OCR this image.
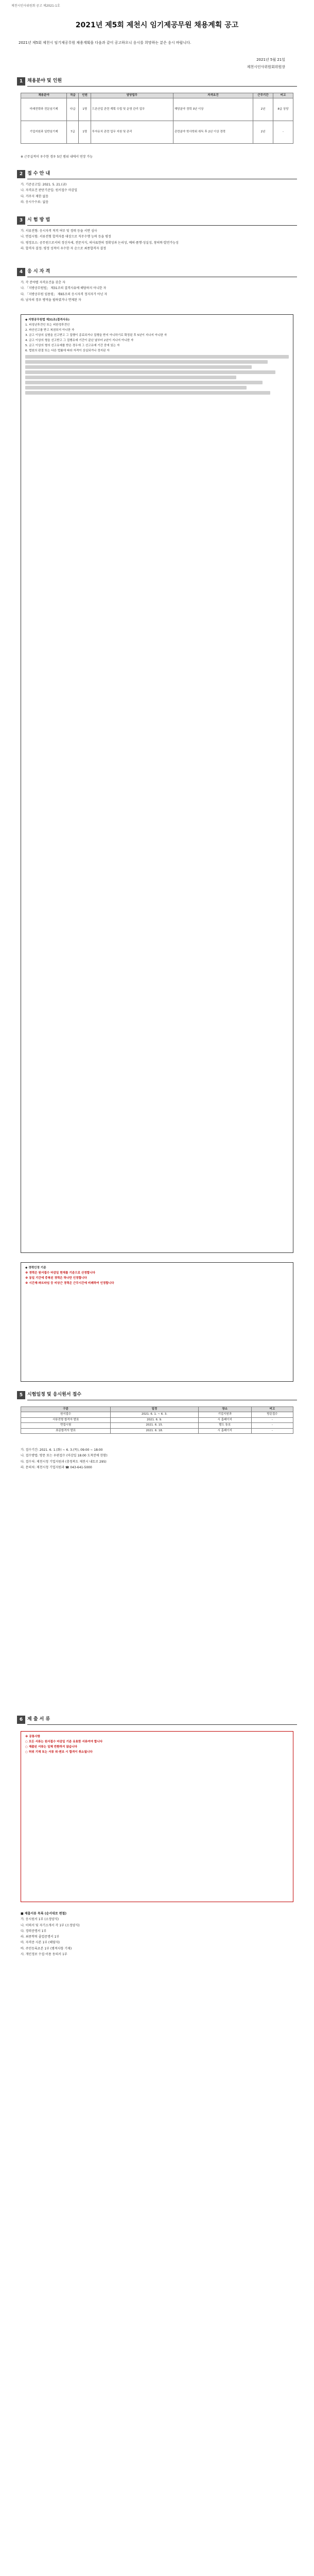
제천시인사위원회 공고 제2021-1호
2021년 제5회 제천시 임기제공무원 채용계획 공고
2021년 제5회 제천시 임기제공무원 채용계획을 다음과 같이 공고하오니 응시를 희망하는 분은 응시 바랍니다.
2021년 5월 21일
제천시인사위원회위원장
1 채용분야 및 인원
채용분야	직급	인원	담당업무	자격요건	근무기간	비고
미래전략과 전문임기제	다급	1명	드론산업 관련 계획 수립 및 운영 관리 업무	해당분야 경력 3년 이상	2년	8급 상당
기업지원과 일반임기제	7급	1명	투자유치 관련 업무 지원 및 관리	관련분야 학사학위 취득 후 2년 이상 경력	2년	-
※ 근무실적이 우수한 경우 5년 범위 내에서 연장 가능
2 접 수 안 내

가. 기준공고일: 2021. 5. 21.(금)

나. 자격요건 판단기준일: 원서접수 마감일

다. 거주지 제한 없음

라. 응시수수료: 없음

3 시 험 방 법

가. 서류전형: 응시자격 적격 여부 및 경력 등을 서면 심사

나. 면접시험: 서류전형 합격자를 대상으로 직무수행 능력 등을 평정

다. 평정요소: 공무원으로서의 정신자세, 전문지식, 의사표현의 정확성과 논리성, 예의·품행·성실성, 창의력·발전가능성

라. 합격자 결정: 평정 성적이 우수한 자 순으로 최종합격자 결정

4 응 시 자 격

가. 각 분야별 자격요건을 갖춘 자

나. 「지방공무원법」 제31조의 결격사유에 해당하지 아니한 자

다. 「지방공무원 임용령」 제65조의 응시자격 정지자가 아닌 자

라. 남자의 경우 병역을 필하였거나 면제된 자

◆ 지방공무원법 제31조(결격사유)

1. 피성년후견인 또는 피한정후견인

2. 파산선고를 받고 복권되지 아니한 자

3. 금고 이상의 실형을 선고받고 그 집행이 종료되거나 집행을 받지 아니하기로 확정된 후 5년이 지나지 아니한 자

4. 금고 이상의 형을 선고받고 그 집행유예 기간이 끝난 날부터 2년이 지나지 아니한 자

5. 금고 이상의 형의 선고유예를 받은 경우에 그 선고유예 기간 중에 있는 자

6. 법원의 판결 또는 다른 법률에 따라 자격이 상실되거나 정지된 자

◆ 경력인정 기준

※ 경력은 원서접수 마감일 현재를 기준으로 산정합니다

※ 동일 기간에 중복된 경력은 하나만 인정합니다

※ 시간제·파트타임 등 비상근 경력은 근무시간에 비례하여 인정합니다

5 시험일정 및 응시원서 접수
구분	일정	장소	비고
원서접수	2021. 6. 1. ~ 6. 3.	기업지원과	방문접수
서류전형 합격자 발표	2021. 6. 9.	시 홈페이지	-
면접시험	2021. 6. 15.	별도 통보	-
최종합격자 발표	2021. 6. 18.	시 홈페이지	-

가. 접수기간: 2021. 6. 1.(화) ~ 6. 3.(목), 09:00 ~ 18:00

나. 접수방법: 방문 또는 우편접수 (마감일 18:00 도착분에 한함)

다. 접수처: 제천시청 기업지원과 (충청북도 제천시 내토로 295)

라. 문의처: 제천시청 기업지원과 ☎ 043-641-5000

6 제 출 서 류

※ 공통사항

○ 모든 서류는 원서접수 마감일 기준 유효한 서류여야 합니다

○ 제출된 서류는 일체 반환하지 않습니다

○ 허위 기재 또는 서류 위·변조 시 합격이 취소됩니다

■ 제출서류 목록 (순서대로 편철)

가. 응시원서 1부 (소정양식)

나. 이력서 및 자기소개서 각 1부 (소정양식)

다. 경력증명서 1부

라. 최종학력 졸업증명서 1부

마. 자격증 사본 1부 (해당자)

바. 주민등록초본 1부 (병적사항 기재)

사. 개인정보 수집·이용 동의서 1부
